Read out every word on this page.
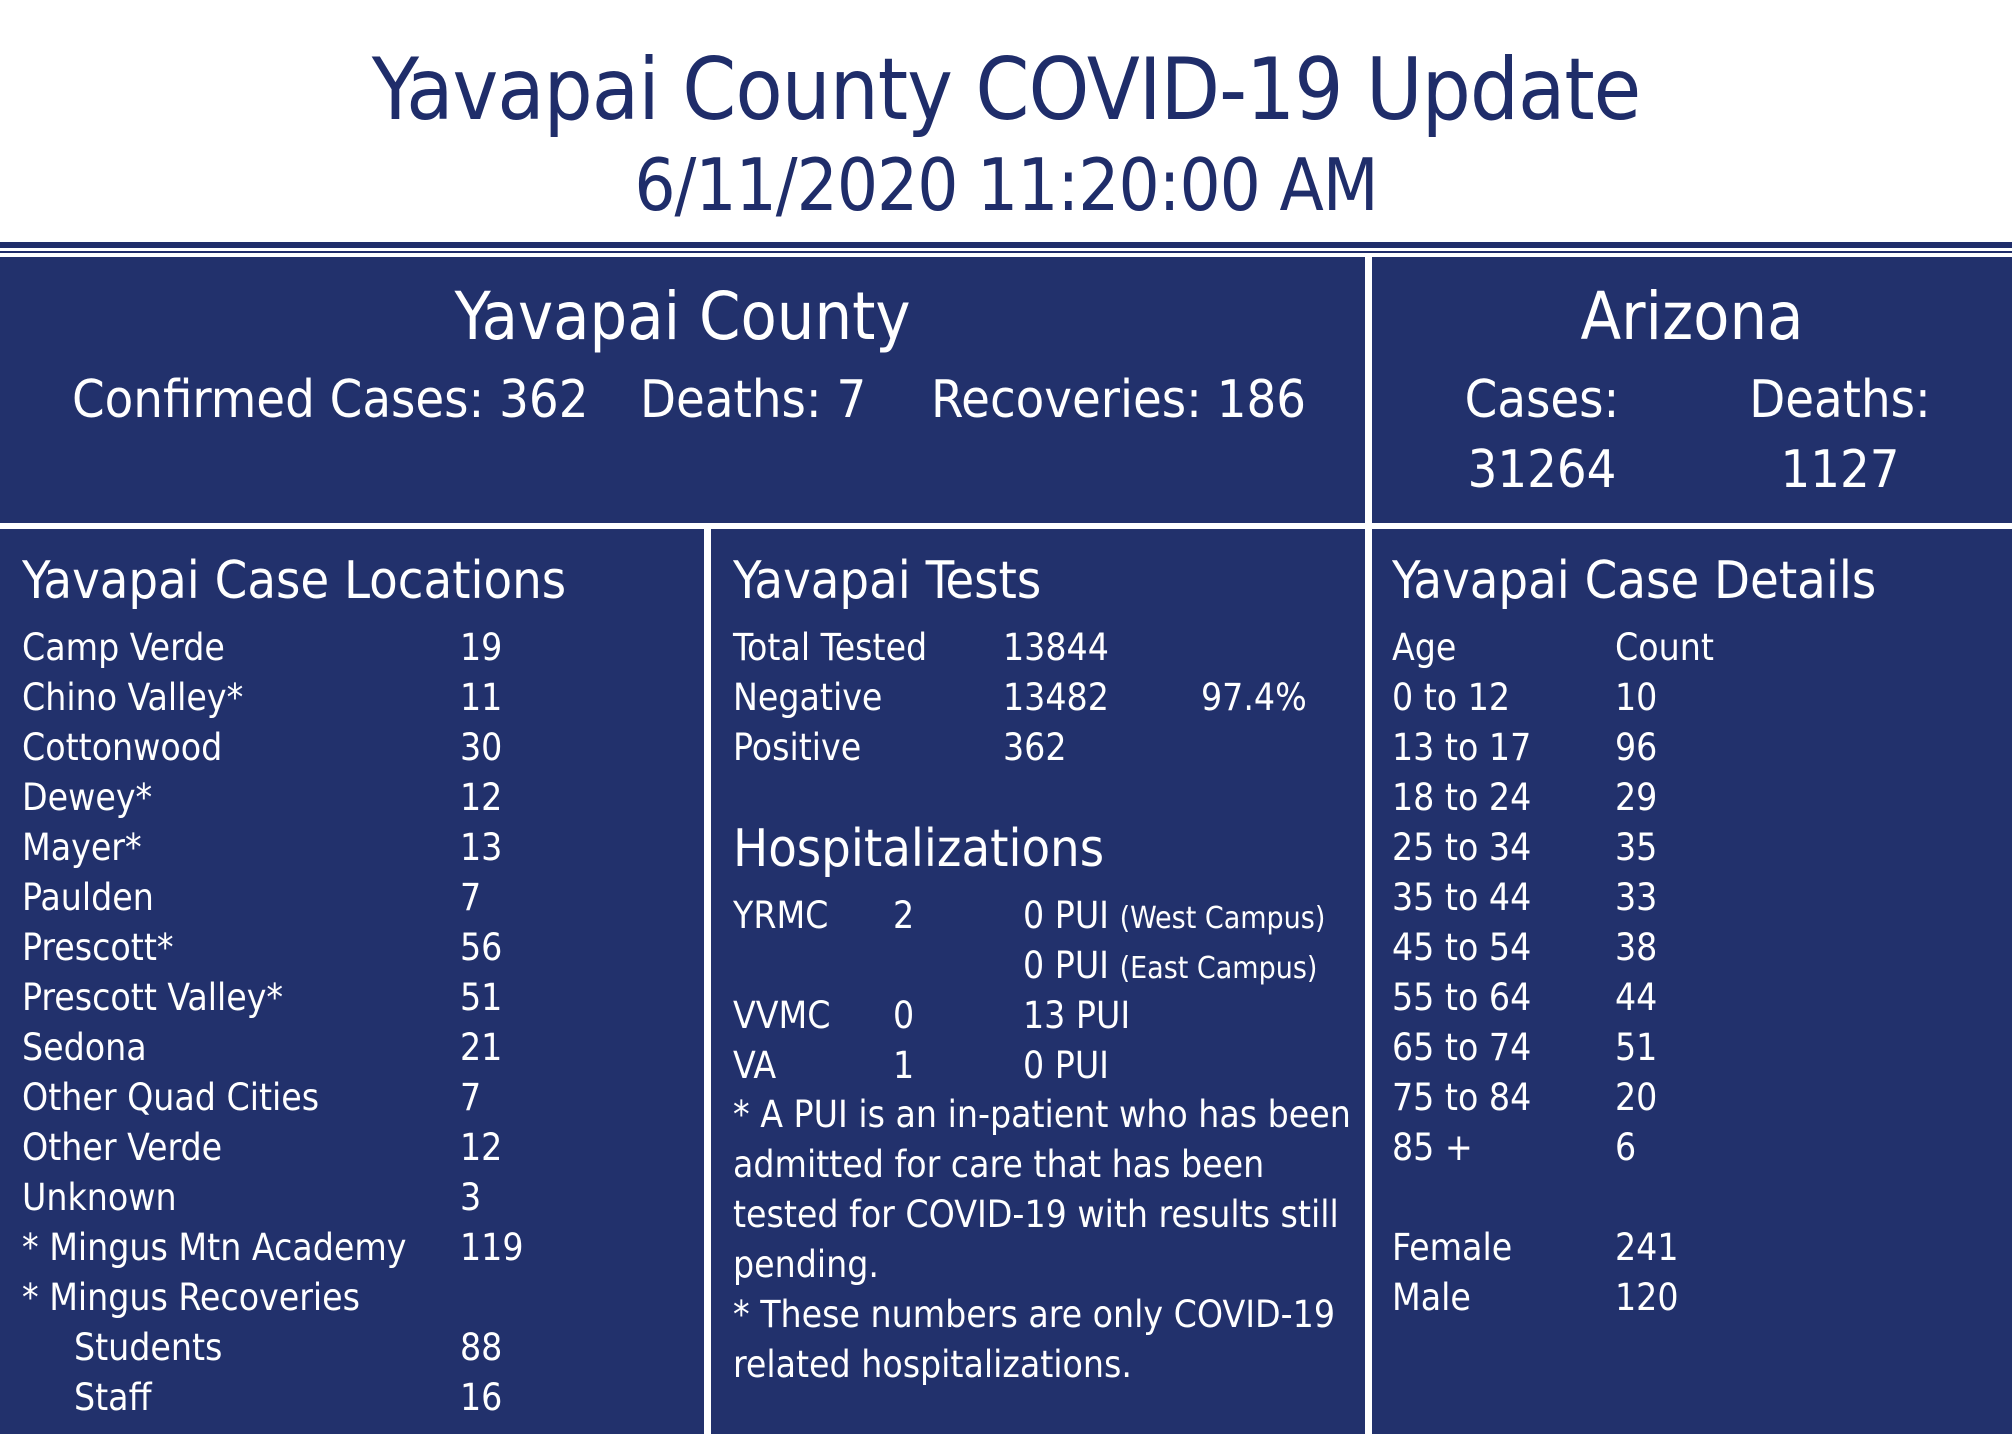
Yavapai County COVID-19 Update
6/11/2020 11:20:00 AM
Yavapai County
Confirmed Cases: 362 Deaths: 7 Recoveries: 186
Arizona
Cases:
31264
Deaths:
1127
Yavapai Case Locations
Camp Verde	19
Chino Valley*	11
Cottonwood	30
Dewey*	12
Mayer*	13
Paulden	7
Prescott*	56
Prescott Valley*	51
Sedona	21
Other Quad Cities	7
Other Verde	12
Unknown	3
* Mingus Mtn Academy 119
* Mingus Recoveries
Students	88
Staff	16
Yavapai Tests
Total Tested 13844
Negative	13482 97.4%
Positive	362
Hospitalizations
YRMC 2	0 PUI (West Campus)
0 PUI (East Campus)
VVMC 0	13 PUI
VA	1	0 PUI
* A PUI is an in-patient who has been admitted for care that has been tested for COVID-19 with results still pending.
* These numbers are only COVID-19 related hospitalizations.
Yavapai Case Details
Age	Count
0 to 12	10
13 to 17 96
18 to 24 29
25 to 34 35
35 to 44 33
45 to 54 38
55 to 64 44
65 to 74 51
75 to 84 20
85 +	6
Female	241
Male	120
